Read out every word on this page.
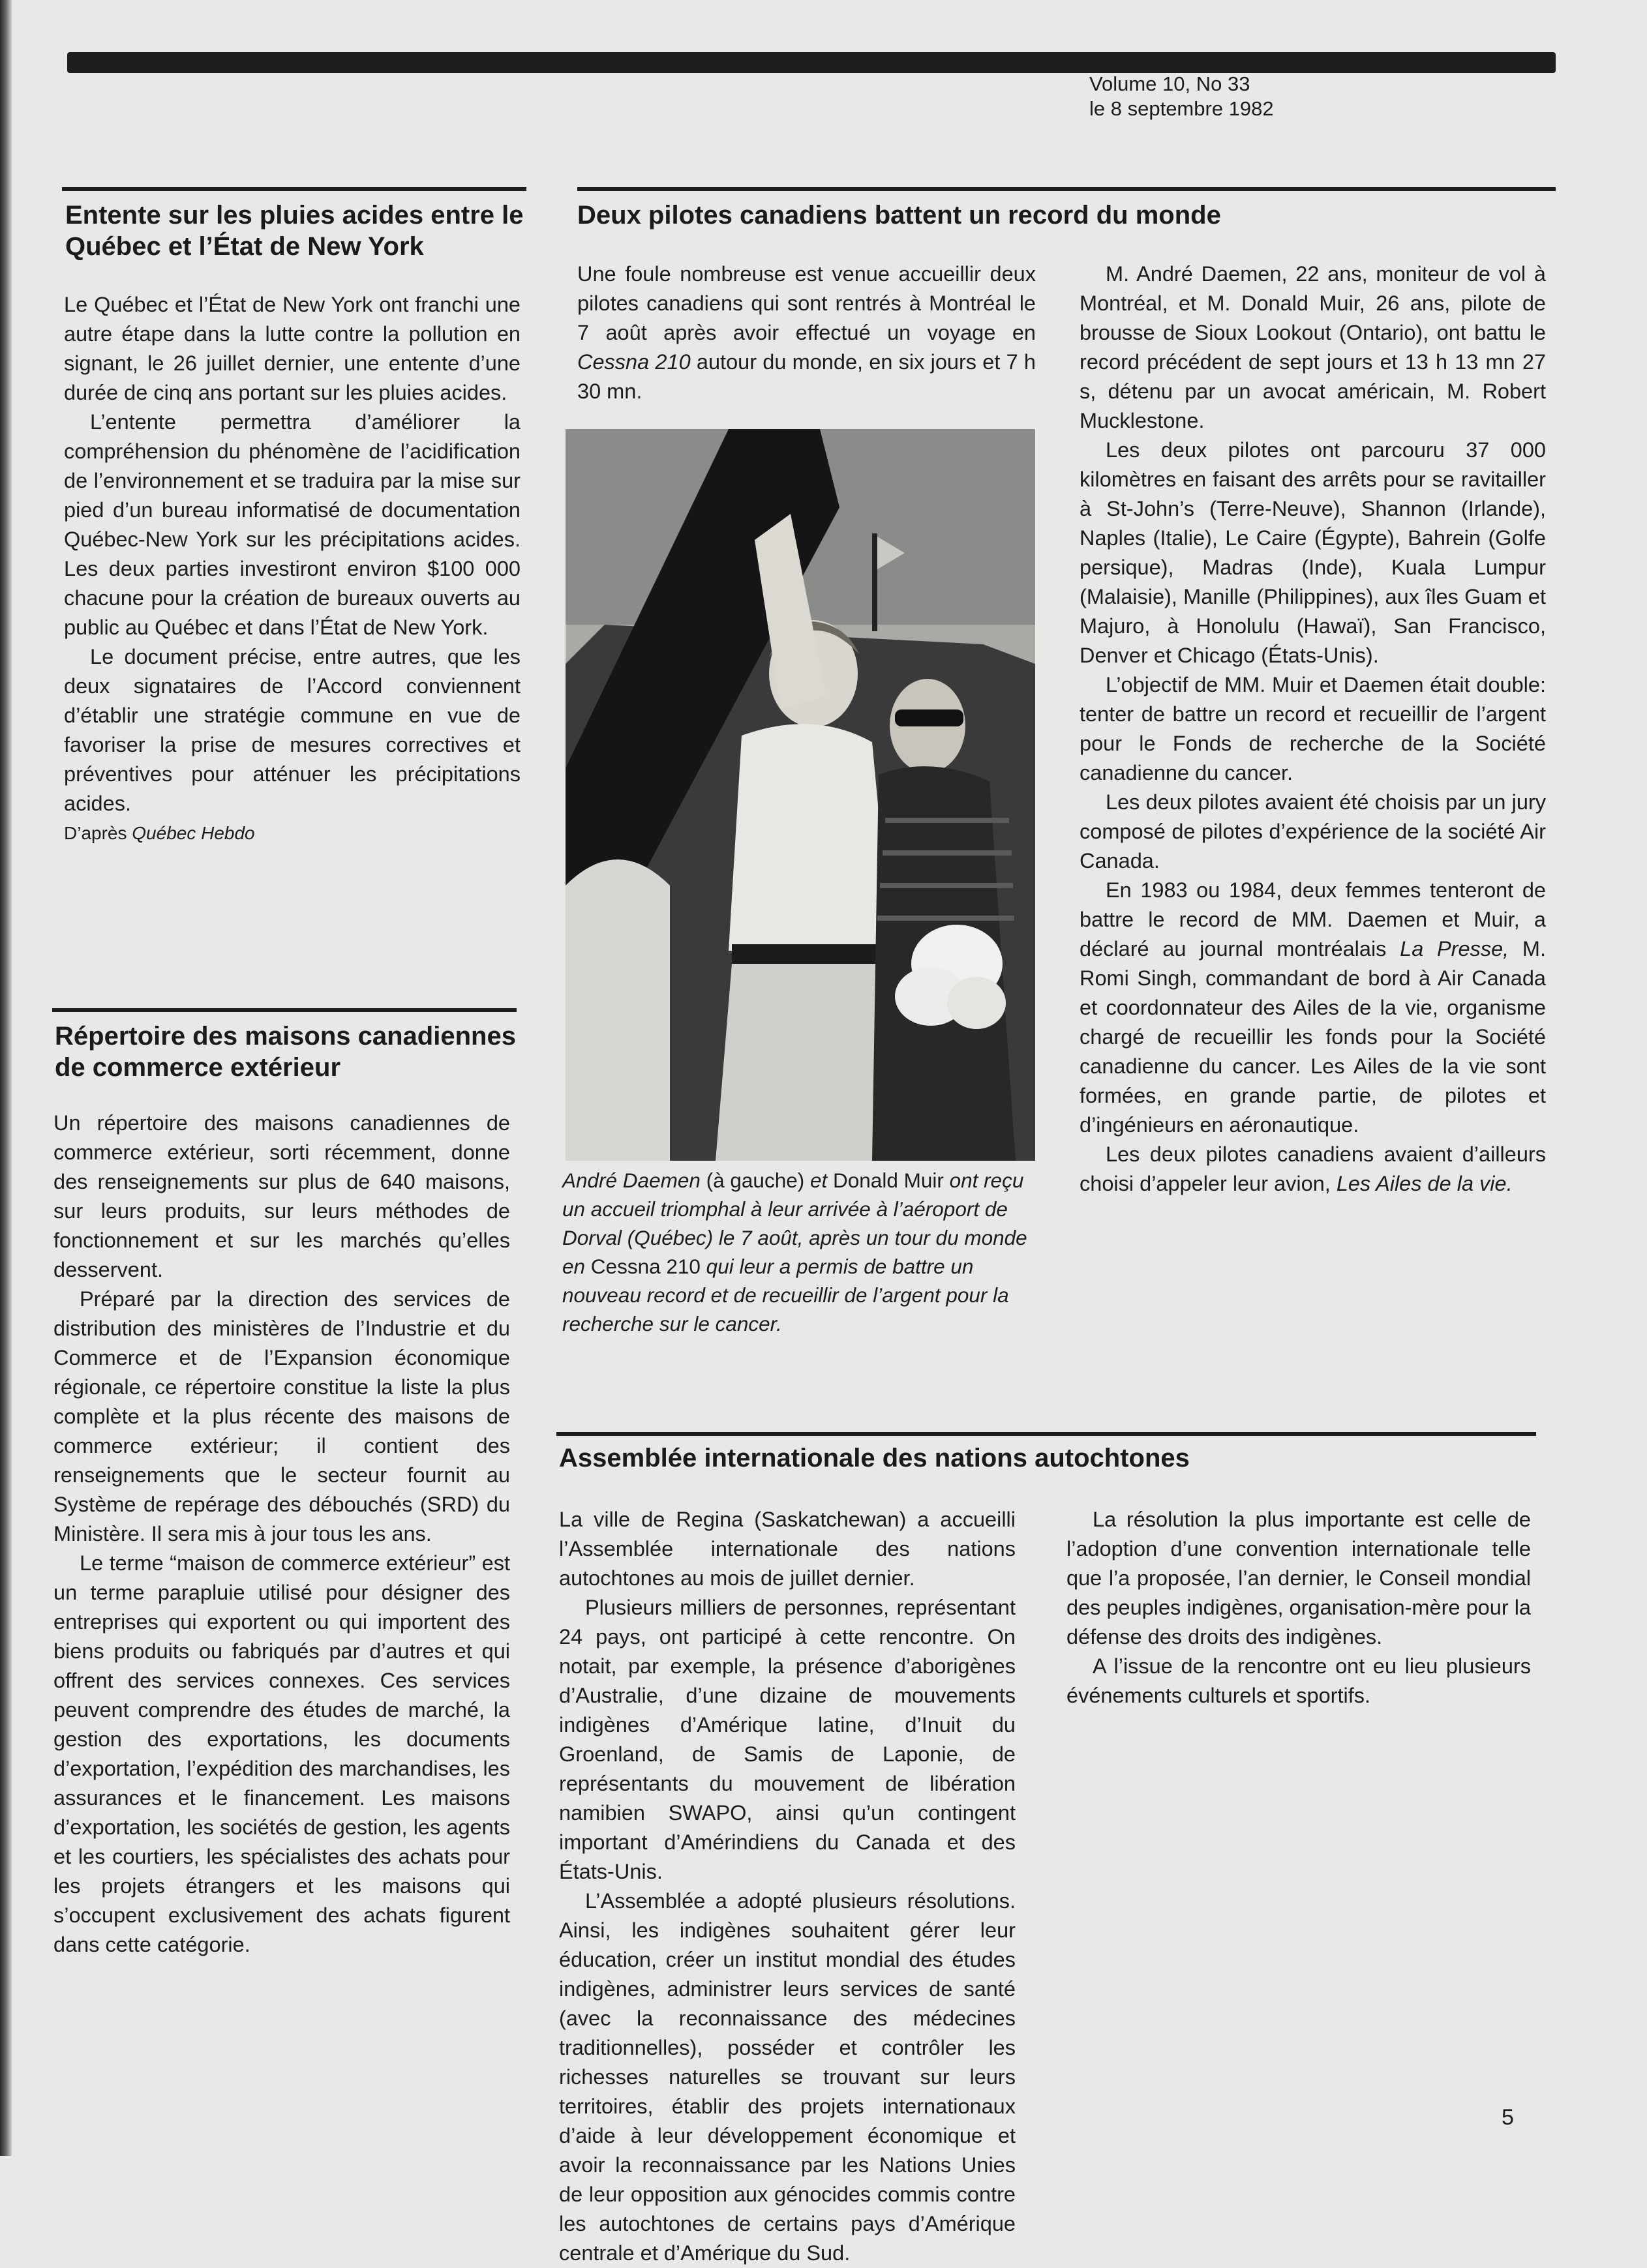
Volume 10, No 33
le 8 septembre 1982
Entente sur les pluies acides entre le Québec et l’État de New York

Le Québec et l’État de New York ont franchi une autre étape dans la lutte contre la pollution en signant, le 26 juillet dernier, une entente d’une durée de cinq ans portant sur les pluies acides.

L’entente permettra d’améliorer la compréhension du phénomène de l’acidification de l’environnement et se traduira par la mise sur pied d’un bureau informatisé de documentation Québec-New York sur les précipitations acides. Les deux parties investiront environ $100 000 chacune pour la création de bureaux ouverts au public au Québec et dans l’État de New York.

Le document précise, entre autres, que les deux signataires de l’Accord conviennent d’établir une stratégie commune en vue de favoriser la prise de mesures correctives et préventives pour atténuer les précipitations acides.

D’après Québec Hebdo

Répertoire des maisons canadiennes de commerce extérieur

Un répertoire des maisons canadiennes de commerce extérieur, sorti récemment, donne des renseignements sur plus de 640 maisons, sur leurs produits, sur leurs méthodes de fonctionnement et sur les marchés qu’elles desservent.

Préparé par la direction des services de distribution des ministères de l’Industrie et du Commerce et de l’Expansion économique régionale, ce répertoire constitue la liste la plus complète et la plus récente des maisons de commerce extérieur; il contient des renseignements que le secteur fournit au Système de repérage des débouchés (SRD) du Ministère. Il sera mis à jour tous les ans.

Le terme “maison de commerce extérieur” est un terme parapluie utilisé pour désigner des entreprises qui exportent ou qui importent des biens produits ou fabriqués par d’autres et qui offrent des services connexes. Ces services peuvent comprendre des études de marché, la gestion des exportations, les documents d’exportation, l’expédition des marchandises, les assurances et le financement. Les maisons d’exportation, les sociétés de gestion, les agents et les courtiers, les spécialistes des achats pour les projets étrangers et les maisons qui s’occupent exclusivement des achats figurent dans cette catégorie.

Deux pilotes canadiens battent un record du monde

Une foule nombreuse est venue accueillir deux pilotes canadiens qui sont rentrés à Montréal le 7 août après avoir effectué un voyage en Cessna 210 autour du monde, en six jours et 7 h 30 mn.

André Daemen (à gauche) et Donald Muir ont reçu un accueil triomphal à leur arrivée à l’aéroport de Dorval (Québec) le 7 août, après un tour du monde en Cessna 210 qui leur a permis de battre un nouveau record et de recueillir de l’argent pour la recherche sur le cancer.

M. André Daemen, 22 ans, moniteur de vol à Montréal, et M. Donald Muir, 26 ans, pilote de brousse de Sioux Lookout (Ontario), ont battu le record précédent de sept jours et 13 h 13 mn 27 s, détenu par un avocat américain, M. Robert Mucklestone.

Les deux pilotes ont parcouru 37 000 kilomètres en faisant des arrêts pour se ravitailler à St-John’s (Terre-Neuve), Shannon (Irlande), Naples (Italie), Le Caire (Égypte), Bahrein (Golfe persique), Madras (Inde), Kuala Lumpur (Malaisie), Manille (Philippines), aux îles Guam et Majuro, à Honolulu (Hawaï), San Francisco, Denver et Chicago (États-Unis).

L’objectif de MM. Muir et Daemen était double: tenter de battre un record et recueillir de l’argent pour le Fonds de recherche de la Société canadienne du cancer.

Les deux pilotes avaient été choisis par un jury composé de pilotes d’expérience de la société Air Canada.

En 1983 ou 1984, deux femmes tenteront de battre le record de MM. Daemen et Muir, a déclaré au journal montréalais La Presse, M. Romi Singh, commandant de bord à Air Canada et coordonnateur des Ailes de la vie, organisme chargé de recueillir les fonds pour la Société canadienne du cancer. Les Ailes de la vie sont formées, en grande partie, de pilotes et d’ingénieurs en aéronautique.

Les deux pilotes canadiens avaient d’ailleurs choisi d’appeler leur avion, Les Ailes de la vie.

Assemblée internationale des nations autochtones

La ville de Regina (Saskatchewan) a accueilli l’Assemblée internationale des nations autochtones au mois de juillet dernier.

Plusieurs milliers de personnes, représentant 24 pays, ont participé à cette rencontre. On notait, par exemple, la présence d’aborigènes d’Australie, d’une dizaine de mouvements indigènes d’Amérique latine, d’Inuit du Groenland, de Samis de Laponie, de représentants du mouvement de libération namibien SWAPO, ainsi qu’un contingent important d’Amérindiens du Canada et des États-Unis.

L’Assemblée a adopté plusieurs résolutions. Ainsi, les indigènes souhaitent gérer leur éducation, créer un institut mondial des études indigènes, administrer leurs services de santé (avec la reconnaissance des médecines traditionnelles), posséder et contrôler les richesses naturelles se trouvant sur leurs territoires, établir des projets internationaux d’aide à leur développement économique et avoir la reconnaissance par les Nations Unies de leur opposition aux génocides commis contre les autochtones de certains pays d’Amérique centrale et d’Amérique du Sud.

La résolution la plus importante est celle de l’adoption d’une convention internationale telle que l’a proposée, l’an dernier, le Conseil mondial des peuples indigènes, organisation-mère pour la défense des droits des indigènes.

A l’issue de la rencontre ont eu lieu plusieurs événements culturels et sportifs.

5
